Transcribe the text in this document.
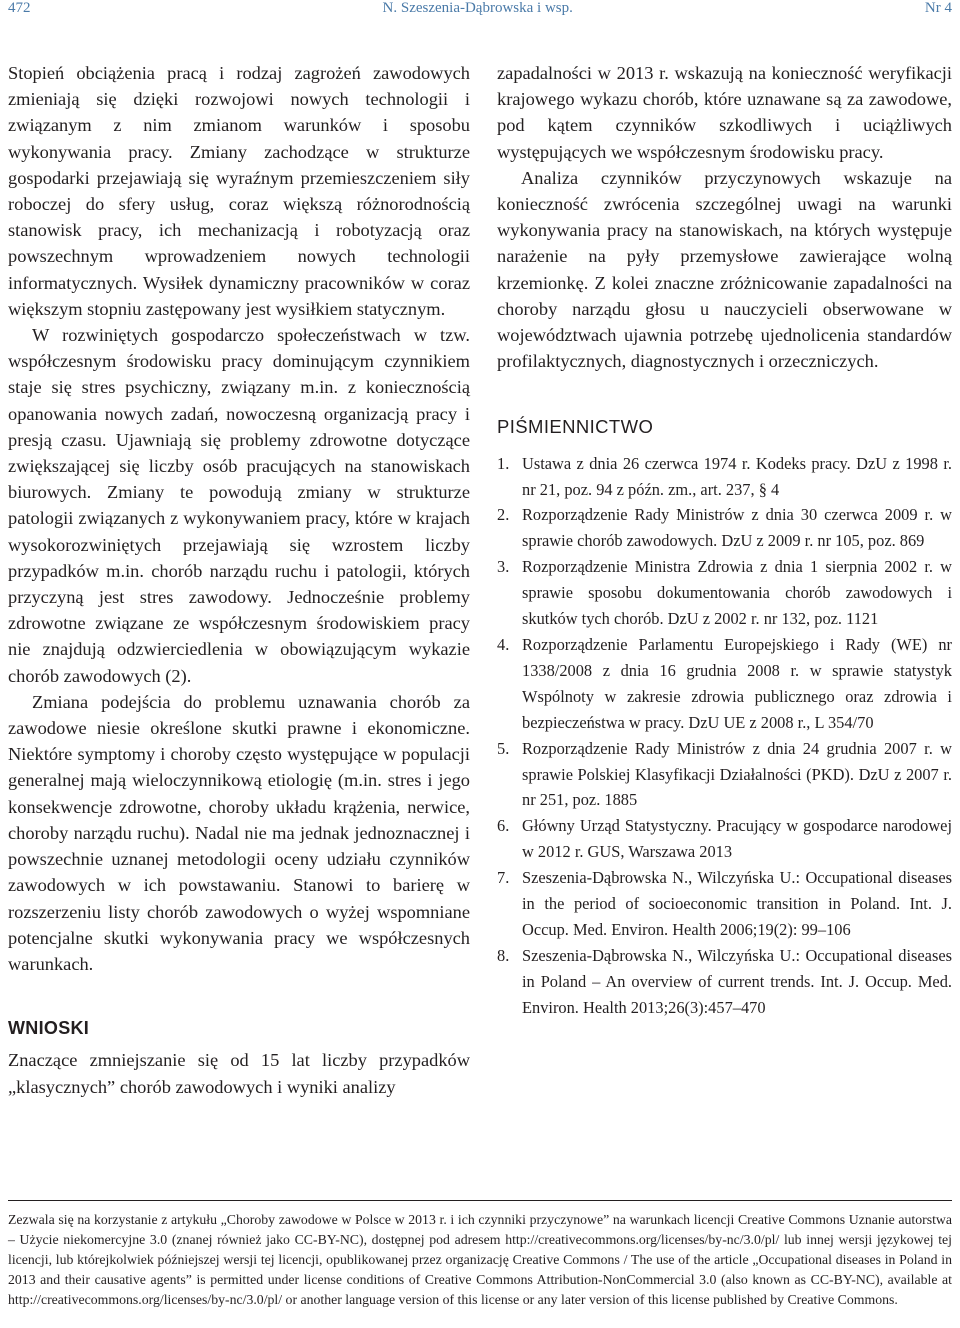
472	N. Szeszenia-Dąbrowska i wsp.	Nr 4

Stopień obciążenia pracą i rodzaj zagrożeń zawodowych zmieniają się dzięki rozwojowi nowych technologii i związanym z nim zmianom warunków i sposobu wykonywania pracy. Zmiany zachodzące w strukturze gospodarki przejawiają się wyraźnym przemieszczeniem siły roboczej do sfery usług, coraz większą różnorodnością stanowisk pracy, ich mechanizacją i robotyzacją oraz powszechnym wprowadzeniem nowych technologii informatycznych. Wysiłek dynamiczny pracowników w coraz większym stopniu zastępowany jest wysiłkiem statycznym.

W rozwiniętych gospodarczo społeczeństwach w tzw. współczesnym środowisku pracy dominującym czynnikiem staje się stres psychiczny, związany m.in. z koniecznością opanowania nowych zadań, nowoczesną organizacją pracy i presją czasu. Ujawniają się problemy zdrowotne dotyczące zwiększającej się liczby osób pracujących na stanowiskach biurowych. Zmiany te powodują zmiany w strukturze patologii związanych z wykonywaniem pracy, które w krajach wysokorozwiniętych przejawiają się wzrostem liczby przypadków m.in. chorób narządu ruchu i patologii, których przyczyną jest stres zawodowy. Jednocześnie problemy zdrowotne związane ze współczesnym środowiskiem pracy nie znajdują odzwierciedlenia w obowiązującym wykazie chorób zawodowych (2).

Zmiana podejścia do problemu uznawania chorób za zawodowe niesie określone skutki prawne i ekonomiczne. Niektóre symptomy i choroby często występujące w populacji generalnej mają wieloczynnikową etiologię (m.in. stres i jego konsekwencje zdrowotne, choroby układu krążenia, nerwice, choroby narządu ruchu). Nadal nie ma jednak jednoznacznej i powszechnie uznanej metodologii oceny udziału czynników zawodowych w ich powstawaniu. Stanowi to barierę w rozszerzeniu listy chorób zawodowych o wyżej wspomniane potencjalne skutki wykonywania pracy we współczesnych warunkach.

WNIOSKI

Znaczące zmniejszanie się od 15 lat liczby przypadków „klasycznych” chorób zawodowych i wyniki analizy

zapadalności w 2013 r. wskazują na konieczność weryfikacji krajowego wykazu chorób, które uznawane są za zawodowe, pod kątem czynników szkodliwych i uciążliwych występujących we współczesnym środowisku pracy.

Analiza czynników przyczynowych wskazuje na konieczność zwrócenia szczególnej uwagi na warunki wykonywania pracy na stanowiskach, na których występuje narażenie na pyły przemysłowe zawierające wolną krzemionkę. Z kolei znaczne zróżnicowanie zapadalności na choroby narządu głosu u nauczycieli obserwowane w województwach ujawnia potrzebę ujednolicenia standardów profilaktycznych, diagnostycznych i orzeczniczych.

PIŚMIENNICTWO
1. Ustawa z dnia 26 czerwca 1974 r. Kodeks pracy. DzU z 1998 r. nr 21, poz. 94 z późn. zm., art. 237, § 4
2. Rozporządzenie Rady Ministrów z dnia 30 czerwca 2009 r. w sprawie chorób zawodowych. DzU z 2009 r. nr 105, poz. 869
3. Rozporządzenie Ministra Zdrowia z dnia 1 sierpnia 2002 r. w sprawie sposobu dokumentowania chorób zawodowych i skutków tych chorób. DzU z 2002 r. nr 132, poz. 1121
4. Rozporządzenie Parlamentu Europejskiego i Rady (WE) nr 1338/2008 z dnia 16 grudnia 2008 r. w sprawie statystyk Wspólnoty w zakresie zdrowia publicznego oraz zdrowia i bezpieczeństwa w pracy. DzU UE z 2008 r., L 354/70
5. Rozporządzenie Rady Ministrów z dnia 24 grudnia 2007 r. w sprawie Polskiej Klasyfikacji Działalności (PKD). DzU z 2007 r. nr 251, poz. 1885
6. Główny Urząd Statystyczny. Pracujący w gospodarce narodowej w 2012 r. GUS, Warszawa 2013
7. Szeszenia-Dąbrowska N., Wilczyńska U.: Occupational diseases in the period of socioeconomic transition in Poland. Int. J. Occup. Med. Environ. Health 2006;19(2): 99–106
8. Szeszenia-Dąbrowska N., Wilczyńska U.: Occupational diseases in Poland – An overview of current trends. Int. J. Occup. Med. Environ. Health 2013;26(3):457–470
Zezwala się na korzystanie z artykułu „Choroby zawodowe w Polsce w 2013 r. i ich czynniki przyczynowe” na warunkach licencji Creative Commons Uznanie autorstwa – Użycie niekomercyjne 3.0 (znanej również jako CC-BY-NC), dostępnej pod adresem http://creativecommons.org/licenses/by-nc/3.0/pl/ lub innej wersji językowej tej licencji, lub którejkolwiek późniejszej wersji tej licencji, opublikowanej przez organizację Creative Commons / The use of the article „Occupational diseases in Poland in 2013 and their causative agents” is permitted under license conditions of Creative Commons Attribution-NonCommercial 3.0 (also known as CC-BY-NC), available at http://creativecommons.org/licenses/by-nc/3.0/pl/ or another language version of this license or any later version of this license published by Creative Commons.
